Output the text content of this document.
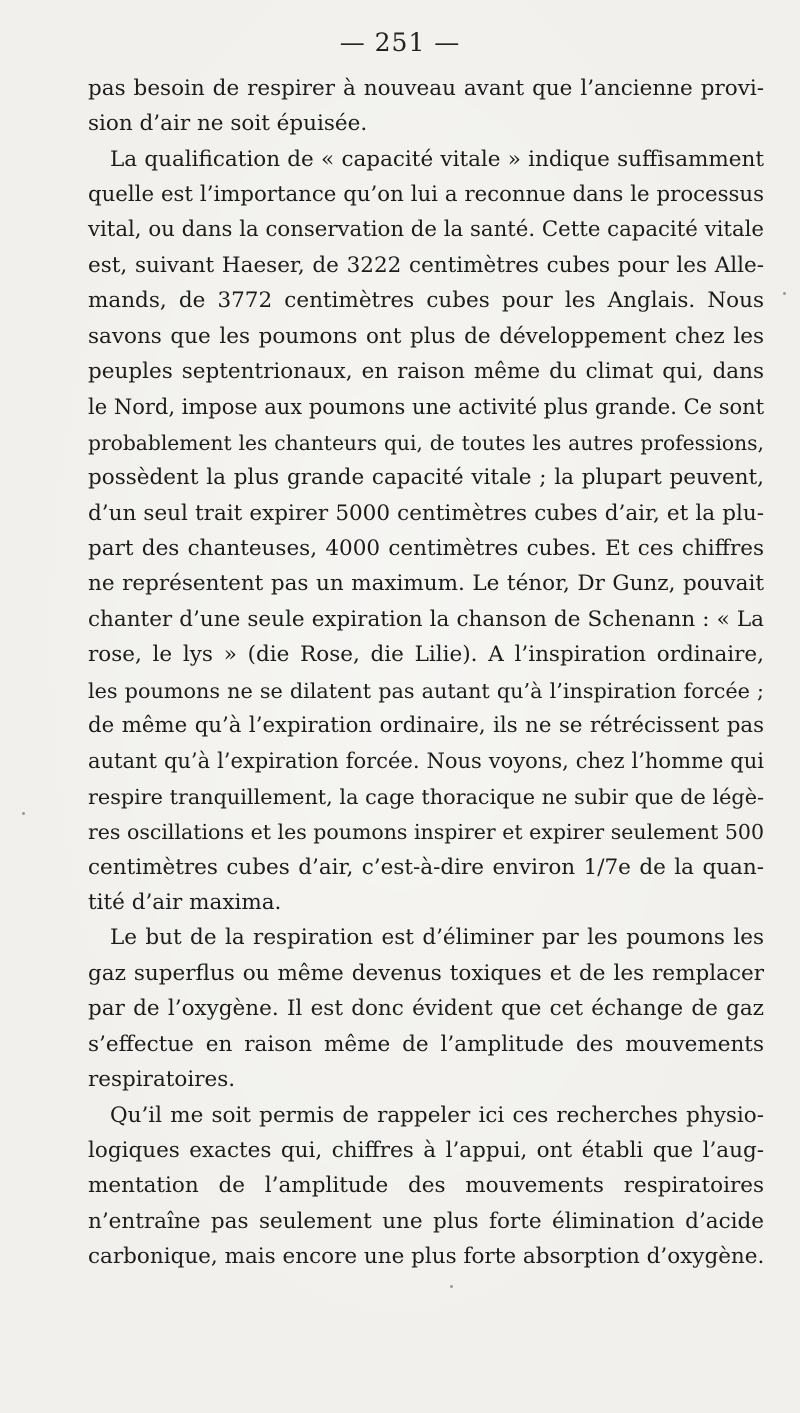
— 251 —
pas besoin de respirer à nouveau avant que l’ancienne provi-
sion d’air ne soit épuisée.
La qualification de « capacité vitale » indique suffisamment
quelle est l’importance qu’on lui a reconnue dans le processus
vital, ou dans la conservation de la santé. Cette capacité vitale
est, suivant Haeser, de 3222 centimètres cubes pour les Alle-
mands, de 3772 centimètres cubes pour les Anglais. Nous
savons que les poumons ont plus de développement chez les
peuples septentrionaux, en raison même du climat qui, dans
le Nord, impose aux poumons une activité plus grande. Ce sont
probablement les chanteurs qui, de toutes les autres professions,
possèdent la plus grande capacité vitale ; la plupart peuvent,
d’un seul trait expirer 5000 centimètres cubes d’air, et la plu-
part des chanteuses, 4000 centimètres cubes. Et ces chiffres
ne représentent pas un maximum. Le ténor, Dr Gunz, pouvait
chanter d’une seule expiration la chanson de Schenann : « La
rose, le lys » (die Rose, die Lilie). A l’inspiration ordinaire,
les poumons ne se dilatent pas autant qu’à l’inspiration forcée ;
de même qu’à l’expiration ordinaire, ils ne se rétrécissent pas
autant qu’à l’expiration forcée. Nous voyons, chez l’homme qui
respire tranquillement, la cage thoracique ne subir que de légè-
res oscillations et les poumons inspirer et expirer seulement 500
centimètres cubes d’air, c’est-à-dire environ 1/7e de la quan-
tité d’air maxima.
Le but de la respiration est d’éliminer par les poumons les
gaz superflus ou même devenus toxiques et de les remplacer
par de l’oxygène. Il est donc évident que cet échange de gaz
s’effectue en raison même de l’amplitude des mouvements
respiratoires.
Qu’il me soit permis de rappeler ici ces recherches physio-
logiques exactes qui, chiffres à l’appui, ont établi que l’aug-
mentation de l’amplitude des mouvements respiratoires
n’entraîne pas seulement une plus forte élimination d’acide
carbonique, mais encore une plus forte absorption d’oxygène.
